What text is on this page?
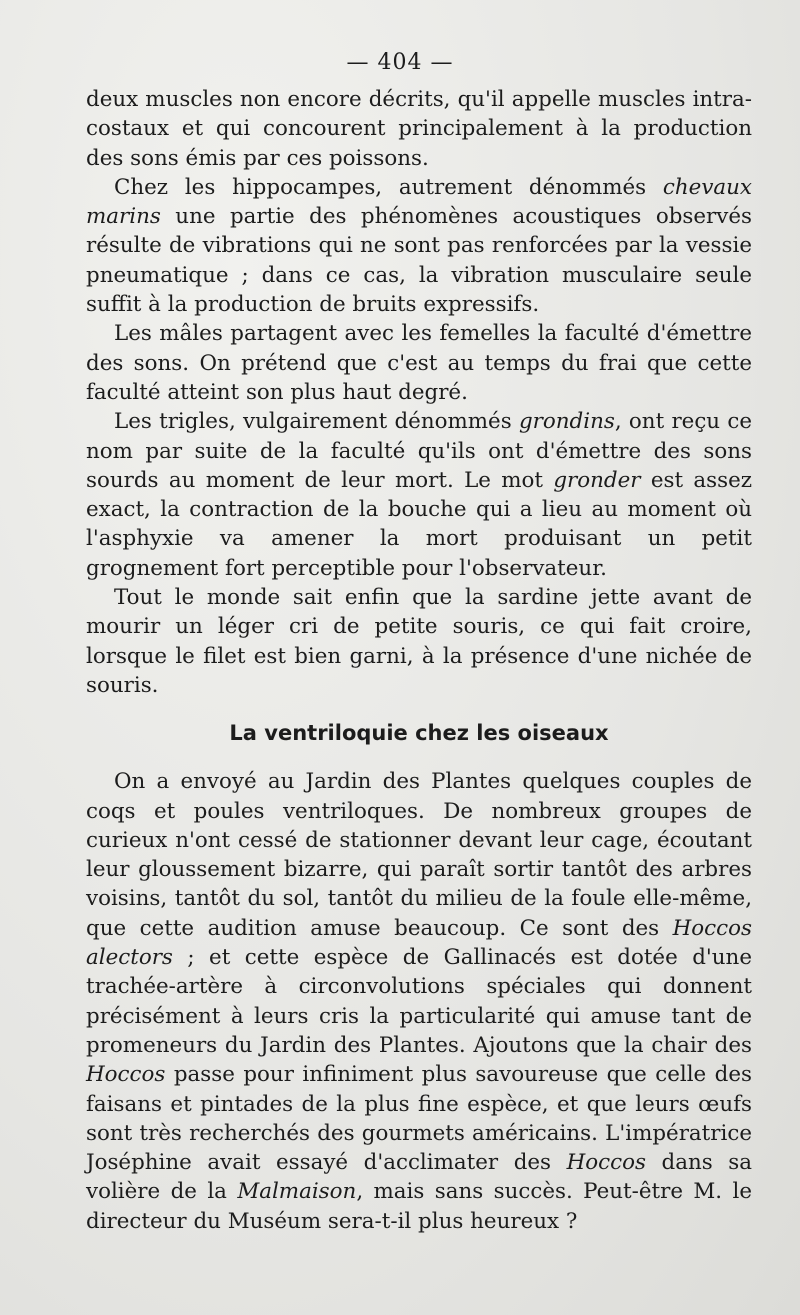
— 404 —

deux muscles non encore décrits, qu'il appelle muscles intra-costaux et qui concourent principalement à la production des sons émis par ces poissons.

Chez les hippocampes, autrement dénommés chevaux marins une partie des phénomènes acoustiques observés résulte de vibrations qui ne sont pas renforcées par la vessie pneumatique ; dans ce cas, la vibration musculaire seule suffit à la production de bruits expressifs.

Les mâles partagent avec les femelles la faculté d'émettre des sons. On prétend que c'est au temps du frai que cette faculté atteint son plus haut degré.

Les trigles, vulgairement dénommés grondins, ont reçu ce nom par suite de la faculté qu'ils ont d'émettre des sons sourds au moment de leur mort. Le mot gronder est assez exact, la contraction de la bouche qui a lieu au moment où l'asphyxie va amener la mort produisant un petit grognement fort perceptible pour l'observateur.

Tout le monde sait enfin que la sardine jette avant de mourir un léger cri de petite souris, ce qui fait croire, lorsque le filet est bien garni, à la présence d'une nichée de souris.

La ventriloquie chez les oiseaux

On a envoyé au Jardin des Plantes quelques couples de coqs et poules ventriloques. De nombreux groupes de curieux n'ont cessé de stationner devant leur cage, écoutant leur gloussement bizarre, qui paraît sortir tantôt des arbres voisins, tantôt du sol, tantôt du milieu de la foule elle-même, que cette audition amuse beaucoup. Ce sont des Hoccos alectors ; et cette espèce de Gallinacés est dotée d'une trachée-artère à circonvolutions spéciales qui donnent précisément à leurs cris la particularité qui amuse tant de promeneurs du Jardin des Plantes. Ajoutons que la chair des Hoccos passe pour infiniment plus savoureuse que celle des faisans et pintades de la plus fine espèce, et que leurs œufs sont très recherchés des gourmets américains. L'impératrice Joséphine avait essayé d'acclimater des Hoccos dans sa volière de la Malmaison, mais sans succès. Peut-être M. le directeur du Muséum sera-t-il plus heureux ?
